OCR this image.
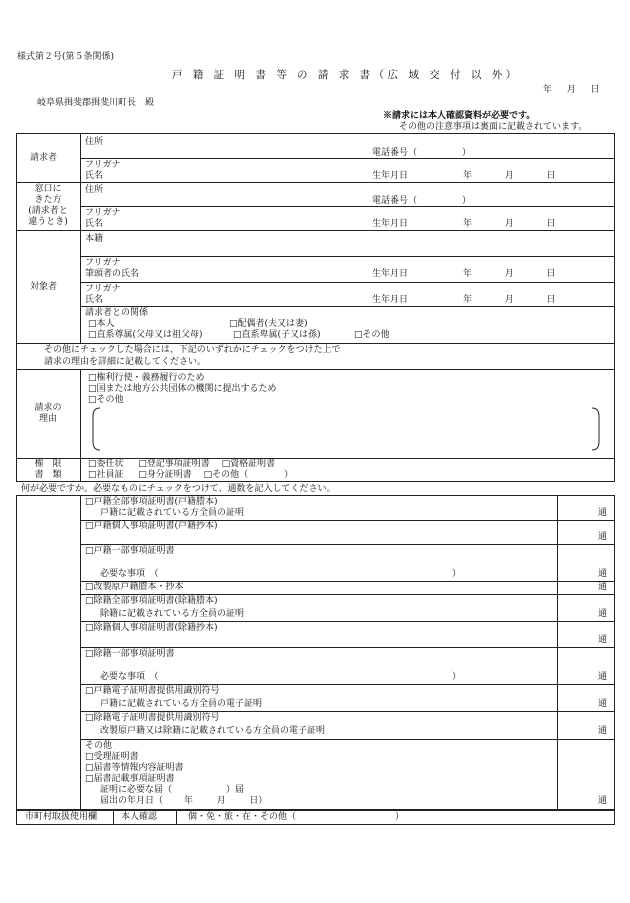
様式第２号(第５条関係)
戸 籍 証 明 書 等 の 請 求 書（広 域 交 付 以 外）
年 　 月 　 日
岐阜県揖斐郡揖斐川町長　殿
※請求には本人確認資料が必要です。
その他の注意事項は裏面に記載されています。
請求者
住所
電話番号（　　　　　）
フリガナ
氏名	生年月日	年 　　　 月 　　　 日
窓口に
きた方
(請求者と
違うとき)
住所
電話番号（　　　　　）
フリガナ
氏名	生年月日	年 　　　 月 　　　 日
対象者
本籍
フリガナ
筆頭者の氏名	生年月日	年 　　　 月 　　　 日
フリガナ
氏名	生年月日	年 　　　 月 　　　 日
請求者との関係
□本人	□配偶者(夫又は妻)
□直系尊属(父母又は祖父母)	□直系卑属(子又は孫)	□その他
その他にチェックした場合には、下記のいずれかにチェックをつけた上で
請求の理由を詳細に記載してください。
請求の
理由
□権利行使・義務履行のため
□国または地方公共団体の機関に提出するため
□その他
権　限
書　類
□委任状 　 □登記事項証明書 　□資格証明書
□社員証 　 □身分証明書 　□その他（　　　　）
何が必要ですか。必要なものにチェックをつけて、通数を記入してください。
□戸籍全部事項証明書(戸籍謄本)
戸籍に記載されている方全員の証明	通
□戸籍個人事項証明書(戸籍抄本)
通
□戸籍一部事項証明書
必要な事項　（	）	通
□改製原戸籍謄本・抄本	通
□除籍全部事項証明書(除籍謄本)
除籍に記載されている方全員の証明	通
□除籍個人事項証明書(除籍抄本)
通
□除籍一部事項証明書
必要な事項　（	）	通
□戸籍電子証明書提供用識別符号
戸籍に記載されている方全員の電子証明	通
□除籍電子証明書提供用識別符号
改製原戸籍又は除籍に記載されている方全員の電子証明	通
その他
□受理証明書
□届書等情報内容証明書
□届書記載事項証明書
証明に必要な届（　　　　　　）届
届出の年月日（　　 年 　　 月 　　 日）	通
市町村取扱使用欄	本人確認	個・免・旅・在・その他（　　　　　　　　　　　）
